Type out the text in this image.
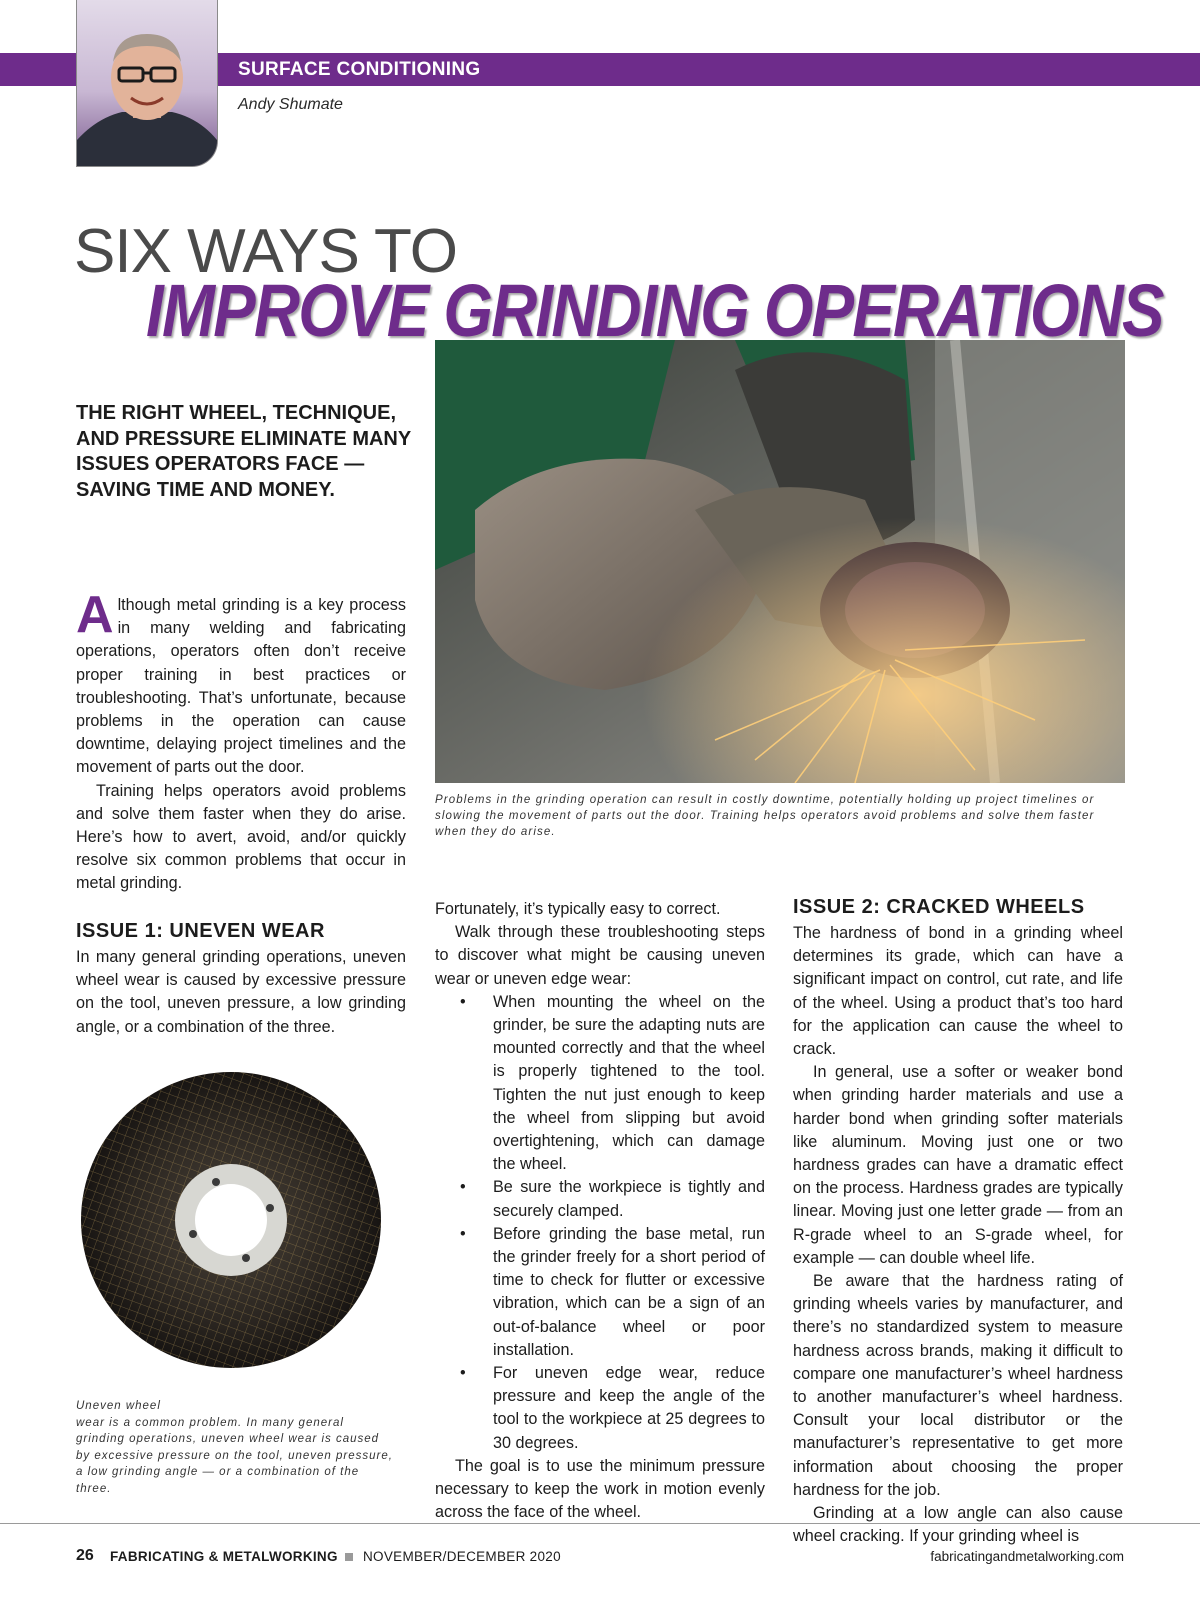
SURFACE CONDITIONING
Andy Shumate
SIX WAYS TO
IMPROVE GRINDING OPERATIONS
Problems in the grinding operation can result in costly downtime, potentially holding up project timelines or slowing the movement of parts out the door. Training helps operators avoid problems and solve them faster when they do arise.
THE RIGHT WHEEL, TECHNIQUE, AND PRESSURE ELIMINATE MANY ISSUES OPERATORS FACE — SAVING TIME AND MONEY.

Although metal grinding is a key process in many welding and fabricating operations, operators often don’t receive proper training in best practices or troubleshooting. That’s unfortunate, because problems in the operation can cause downtime, delaying project timelines and the movement of parts out the door.

Training helps operators avoid problems and solve them faster when they do arise. Here’s how to avert, avoid, and/or quickly resolve six common problems that occur in metal grinding.

ISSUE 1: UNEVEN WEAR

In many general grinding operations, uneven wheel wear is caused by excessive pressure on the tool, uneven pressure, a low grinding angle, or a combination of the three.

Uneven wheel
wear is a common problem. In many general grinding operations, uneven wheel wear is caused by excessive pressure on the tool, uneven pressure, a low grinding angle — or a combination of the three.

Fortunately, it’s typically easy to correct.

Walk through these troubleshooting steps to discover what might be causing uneven wear or uneven edge wear:

• When mounting the wheel on the grinder, be sure the adapting nuts are mounted correctly and that the wheel is properly tightened to the tool. Tighten the nut just enough to keep the wheel from slipping but avoid overtightening, which can damage the wheel.
• Be sure the workpiece is tightly and securely clamped.
• Before grinding the base metal, run the grinder freely for a short period of time to check for flutter or excessive vibration, which can be a sign of an out-of-balance wheel or poor installation.
• For uneven edge wear, reduce pressure and keep the angle of the tool to the workpiece at 25 degrees to 30 degrees.

The goal is to use the minimum pressure necessary to keep the work in motion evenly across the face of the wheel.

ISSUE 2: CRACKED WHEELS

The hardness of bond in a grinding wheel determines its grade, which can have a significant impact on control, cut rate, and life of the wheel. Using a product that’s too hard for the application can cause the wheel to crack.

In general, use a softer or weaker bond when grinding harder materials and use a harder bond when grinding softer materials like aluminum. Moving just one or two hardness grades can have a dramatic effect on the process. Hardness grades are typically linear. Moving just one letter grade — from an R-grade wheel to an S-grade wheel, for example — can double wheel life.

Be aware that the hardness rating of grinding wheels varies by manufacturer, and there’s no standardized system to measure hardness across brands, making it difficult to compare one manufacturer’s wheel hardness to another manufacturer’s wheel hardness. Consult your local distributor or the manufacturer’s representative to get more information about choosing the proper hardness for the job.

Grinding at a low angle can also cause wheel cracking. If your grinding wheel is

26 FABRICATING & METALWORKING NOVEMBER/DECEMBER 2020	fabricatingandmetalworking.com
